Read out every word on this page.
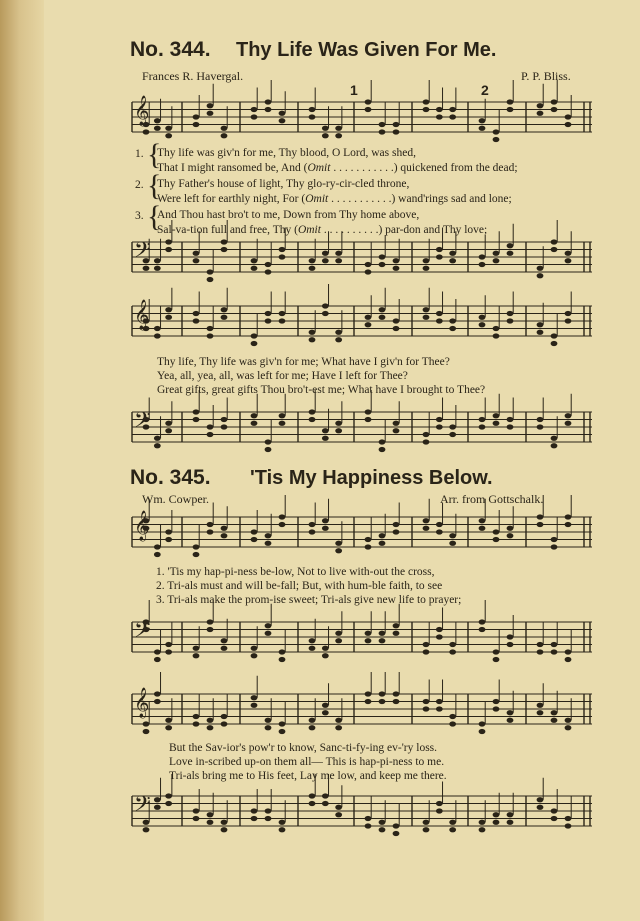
No. 344. Thy Life Was Given For Me.
Frances R. Havergal.	P. P. Bliss.
1	2
𝄞
𝄢
𝄞
𝄢
𝄞
𝄢
𝄞
𝄢
1. {
Thy life was giv'n for me, Thy blood, O Lord, was shed,
That I might ransomed be, And (Omit . . . . . . . . . . .) quickened from the dead;
2. {
Thy Father's house of light, Thy glo-ry-cir-cled throne,
Were left for earthly night, For (Omit . . . . . . . . . . .) wand'rings sad and lone;
3. {
And Thou hast bro't to me, Down from Thy home above,
Sal-va-tion full and free, Thy (Omit . . . . . . . . . .) par-don and Thy love;
Thy life, Thy life was giv'n for me; What have I giv'n for Thee?
Yea, all, yea, all, was left for me; Have I left for Thee?
Great gifts, great gifts Thou bro't-est me; What have I brought to Thee?
No. 345. 'Tis My Happiness Below.
Wm. Cowper.	Arr. from Gottschalk.
1. 'Tis my hap-pi-ness be-low, Not to live with-out the cross,
2. Tri-als must and will be-fall; But, with hum-ble faith, to see
3. Tri-als make the prom-ise sweet; Tri-als give new life to prayer;
But the Sav-ior's pow'r to know, Sanc-ti-fy-ing ev-'ry loss.
Love in-scribed up-on them all— This is hap-pi-ness to me.
Tri-als bring me to His feet, Lay me low, and keep me there.
